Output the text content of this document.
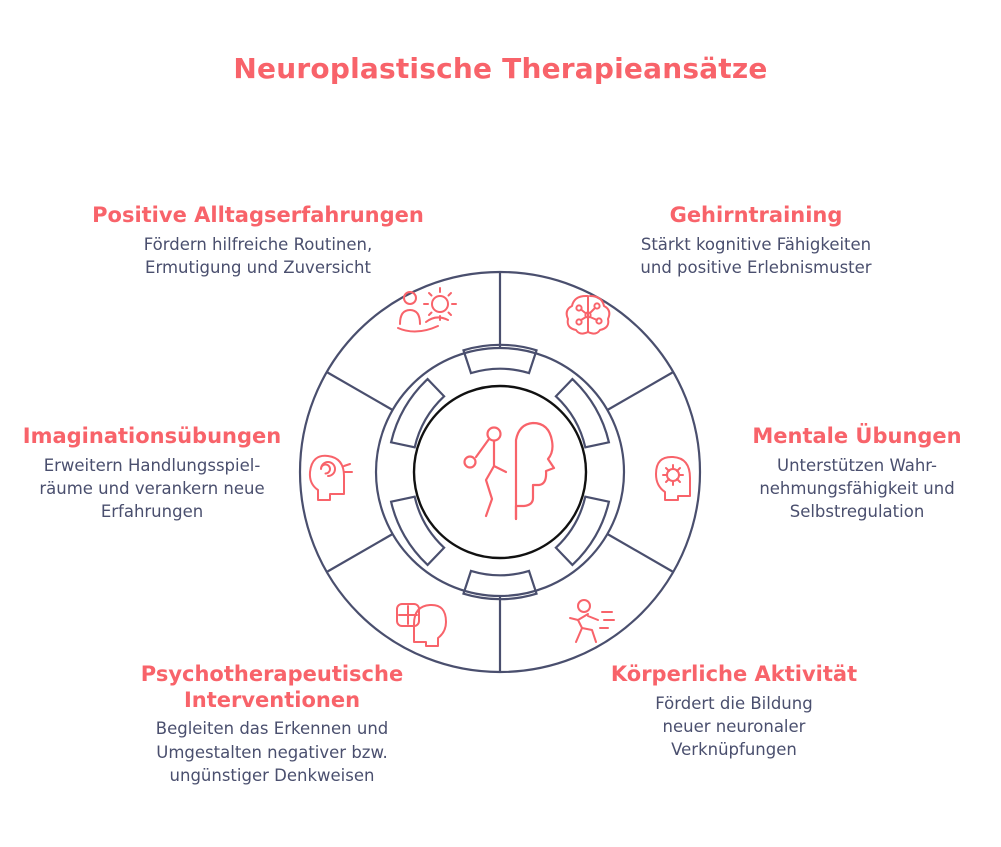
Neuroplastische Therapieansätze
Positive Alltagserfahrungen
Fördern hilfreiche Routinen,
Ermutigung und Zuversicht
Gehirntraining
Stärkt kognitive Fähigkeiten
und positive Erlebnismuster
Imaginationsübungen
Erweitern Handlungsspiel-
räume und verankern neue
Erfahrungen
Mentale Übungen
Unterstützen Wahr-
nehmungsfähigkeit und
Selbstregulation
Psychotherapeutische
Interventionen
Begleiten das Erkennen und
Umgestalten negativer bzw.
ungünstiger Denkweisen
Körperliche Aktivität
Fördert die Bildung
neuer neuronaler
Verknüpfungen
